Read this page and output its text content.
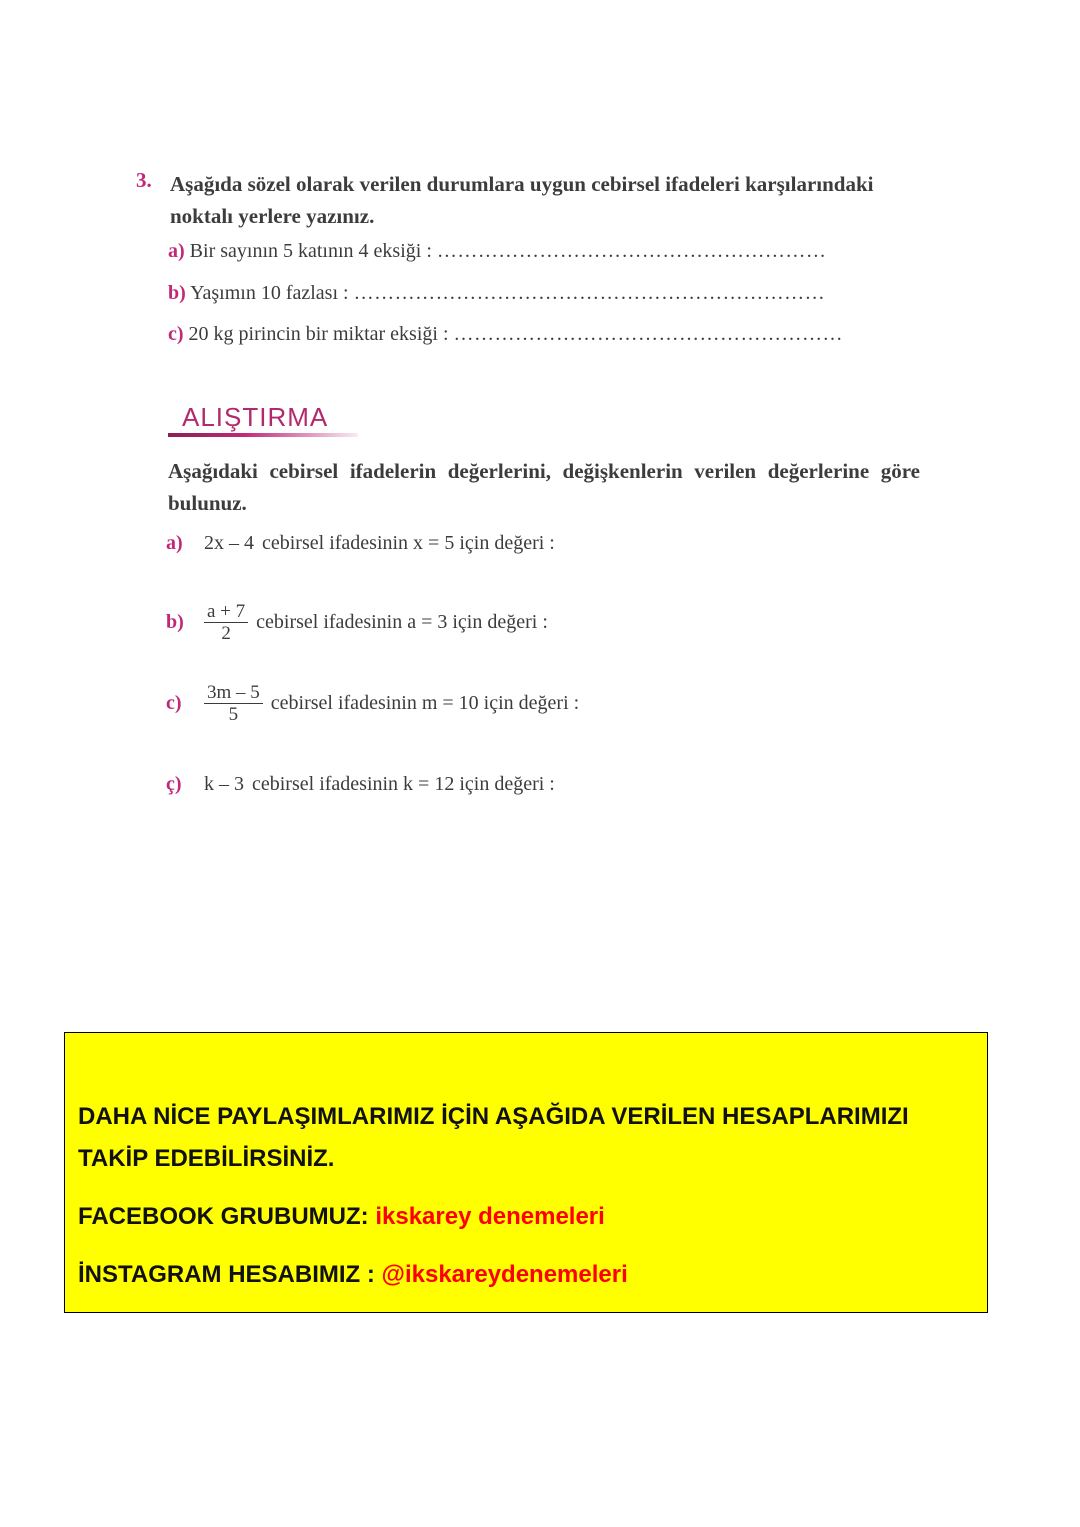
3. Aşağıda sözel olarak verilen durumlara uygun cebirsel ifadeleri karşılarındaki noktalı yerlere yazınız.
a) Bir sayının 5 katının 4 eksiği : …………………………………………………
b) Yaşımın 10 fazlası : ……………………………………………………………
c) 20 kg pirincin bir miktar eksiği : …………………………………………………
ALIŞTIRMA
Aşağıdaki cebirsel ifadelerin değerlerini, değişkenlerin verilen değerlerine göre bulunuz.
a)	2x – 4 cebirsel ifadesinin x = 5 için değeri :
b)	$\frac{a + 7}{2}$ cebirsel ifadesinin a = 3 için değeri :
c)	$\frac{3m - 5}{5}$ cebirsel ifadesinin m = 10 için değeri :
ç)	k – 3 cebirsel ifadesinin k = 12 için değeri :
DAHA NİCE PAYLAŞIMLARIMIZ İÇİN AŞAĞIDA VERİLEN HESAPLARIMIZI
TAKİP EDEBİLİRSİNİZ.
FACEBOOK GRUBUMUZ: ikskarey denemeleri
İNSTAGRAM HESABIMIZ : @ikskareydenemeleri
